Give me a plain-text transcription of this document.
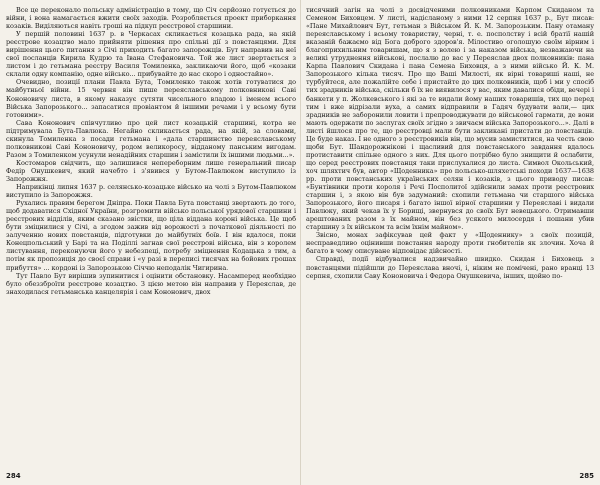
Все це переконало польську адміністрацію в тому, що Січ серйозно готується до війни, і вона намагається вжити своїх заходів. Розробляється проект приборкання козаків. Виділяються навіть гроші на підкуп реєстрової старшини.

У першій половині 1637 р. в Черкасах скликається козацька рада, на якій реєстрове козацтво мало прийняти рішення про спільні дії з повстанцями. Для вирішення цього питання з Січі приходить багато запорожців. Бут направив на неї свої посланців Кирила Кудрю та Івана Стефановича. Той же лист звертається з листом і до гетьмана реєстру Василя Томиленка, закликаючи його, щоб «козаки склали одну компанію, одне військо... прибувайте до нас скоро і одностайно».

Очевидно, позиції плани Павла Бута, Томиленко також хотів готуватися до майбутньої війни. 15 червня він пише переяславському полковникові Саві Кононовичу листа, в якому наказує сутяти чисельного владою і іменем всього Війська Запорозького... запасатися провіантом й іншими речами і у всьому бути готовими».

Сава Кононович співчутливо про цей лист козацькій старшині, котра не підтримувала Бута-Павлюка. Негайно скликається рада, на якій, за словами, скинула Томиленка з посади гетьмана і «дала старшинство переяславському полковникові Саві Кононовичу, родом великоросу, відданому панським вигодам. Разом з Томиленком усунули ненадійних старшин і замістили їх іншими людьми...».

Костомаров свідчить, що залишився непереборним лише генеральний писар Федір Онушкевич, який начебто і з'явився у Бутом-Павлюком виступило із Запорожжя.

Наприкінці липня 1637 р. селянсько-козацьке військо на чолі з Бутом-Павлюком виступило із Запорожжя.

Рухались правим берегом Дніпра. Поки Павла Бута повстанці звертають до того, щоб додаватися Східної України, розгромити військо польської урядової старшини і реєстрових відділів, яким сказано звістки, що ціла віддана короні війська. Це щоб бути зміцнилися у Січі, а згодом зажив від ворожості з початкової діяльності по залученню нових повстанців, підготувки до майбутніх боїв. І він вдалося, поки Конецпольський у Барі та на Поділлі загнав свої реєстрові війська, він з королем листування, переконуючи його у небезпеці, потребу зміцнення Кодацька з тим, а потім як пропозиція до своєї справи і «у разі в переписі тисячах на бойових грошах прибуття» ... кордоні із Запорозькою Січчю неподалік Чигирина.

Тут Павло Бут вирішив зупинитися і оцінити обстановку. Насамперед необхідно було обеззброїти реєстрове козацтво. З цією метою він направив у Переяслав, де знаходилася гетьманська канцелярія і сам Кононович, двох

284

тисячний загін на чолі з досвідченими полковниками Карпом Скиданом та Семеном Биховцем. У листі, надісланому з ними 12 серпня 1637 р., Бут писав: «Пане Михайлович Бут, гетьман з Військом Й. К. М. Запорозьким. Пану отаману переяславському і всьому товариству, черні, т. е. посполству і всій братії нашій вказаній бажаємо від Бога доброго здоров'я. Мілостиво оголошую своїм вірним і благоприхильним товаришам, що я з волею і за наказом війська, незважаючи на великі утруднення військові, послалю до вас у Переяслав двох полковників: пана Карпа Павлович Скидана і пана Семена Биховця, а з ними військо Й. К. М. Запорозького кілька тисяч. Про що Ваші Милості, як вірні товариші наші, не турбуйтеся, але пожалійте себе і пристайте до цих полковників, щоб і ми у спосіб тих зрадників війська, скільки б їх не виявилося у вас, яким давалися обіди, вечері і банкети у п. Жолкевського і які за те видали йому наших товаришів, тих що перед тим і вже відрізали вуха, а самих відправили в Гадяч будувати вали,— цих зрадників не заборонили ловити і препроводжувати до військової гармати, де вони мають одержати по заслугах своїх згідно з звичаєм війська Запорозького...». Далі в листі йшлося про те, що реєстровці мали бути закликані пристати до повстанців. Це буде наказ. І не одного з реєстровиків він, що мусив замиститися, на честь свою щоби Бут. Шандорожнікові і щасливий для повстанського завдання вдалось протиставити спільне одного з них. Для цього потрібно було знищити й ослабити, що серед реєстрових повстанця таки прислухалися до листа. Символ Окольський, хоч шляхтич був, автор «Щоденника» про польсько-шляхетські походи 1637—1638 рр. проти повстанських українських селян і козаків, з цього приводу писав: «Бунтівники проти короля і Речі Посполитої здійснили замах проти реєстрових старшин і, з якою він був задуманий: схопили гетьмана чи старшого війська Запорозького, його писаря і багато іншої вірної старшини у Переяславі і видали Павлюку, який чекав їх у Борищі, звернувся до своїх Бут невецького. Отримавши арештованих разом з їх майном, він без усякого милосердя і пошани убив старшину з їх військом та всім їхнім майном».

Звісно, монах зафіксував цей факт у «Щоденнику» з своїх позицій, несправедливо оцінивши повстання народу проти гнобителів як злочин. Хоча й багато в чому описуване відповідає дійсності.

Справді, події відбувалися надзвичайно швидко. Скидан і Биховець з повстанцями підійшли до Переяслава вночі, і, ніким не помічені, рано вранці 13 серпня, схопили Саву Кононовича і Федора Онушкевича, інших, щойно по-

285
